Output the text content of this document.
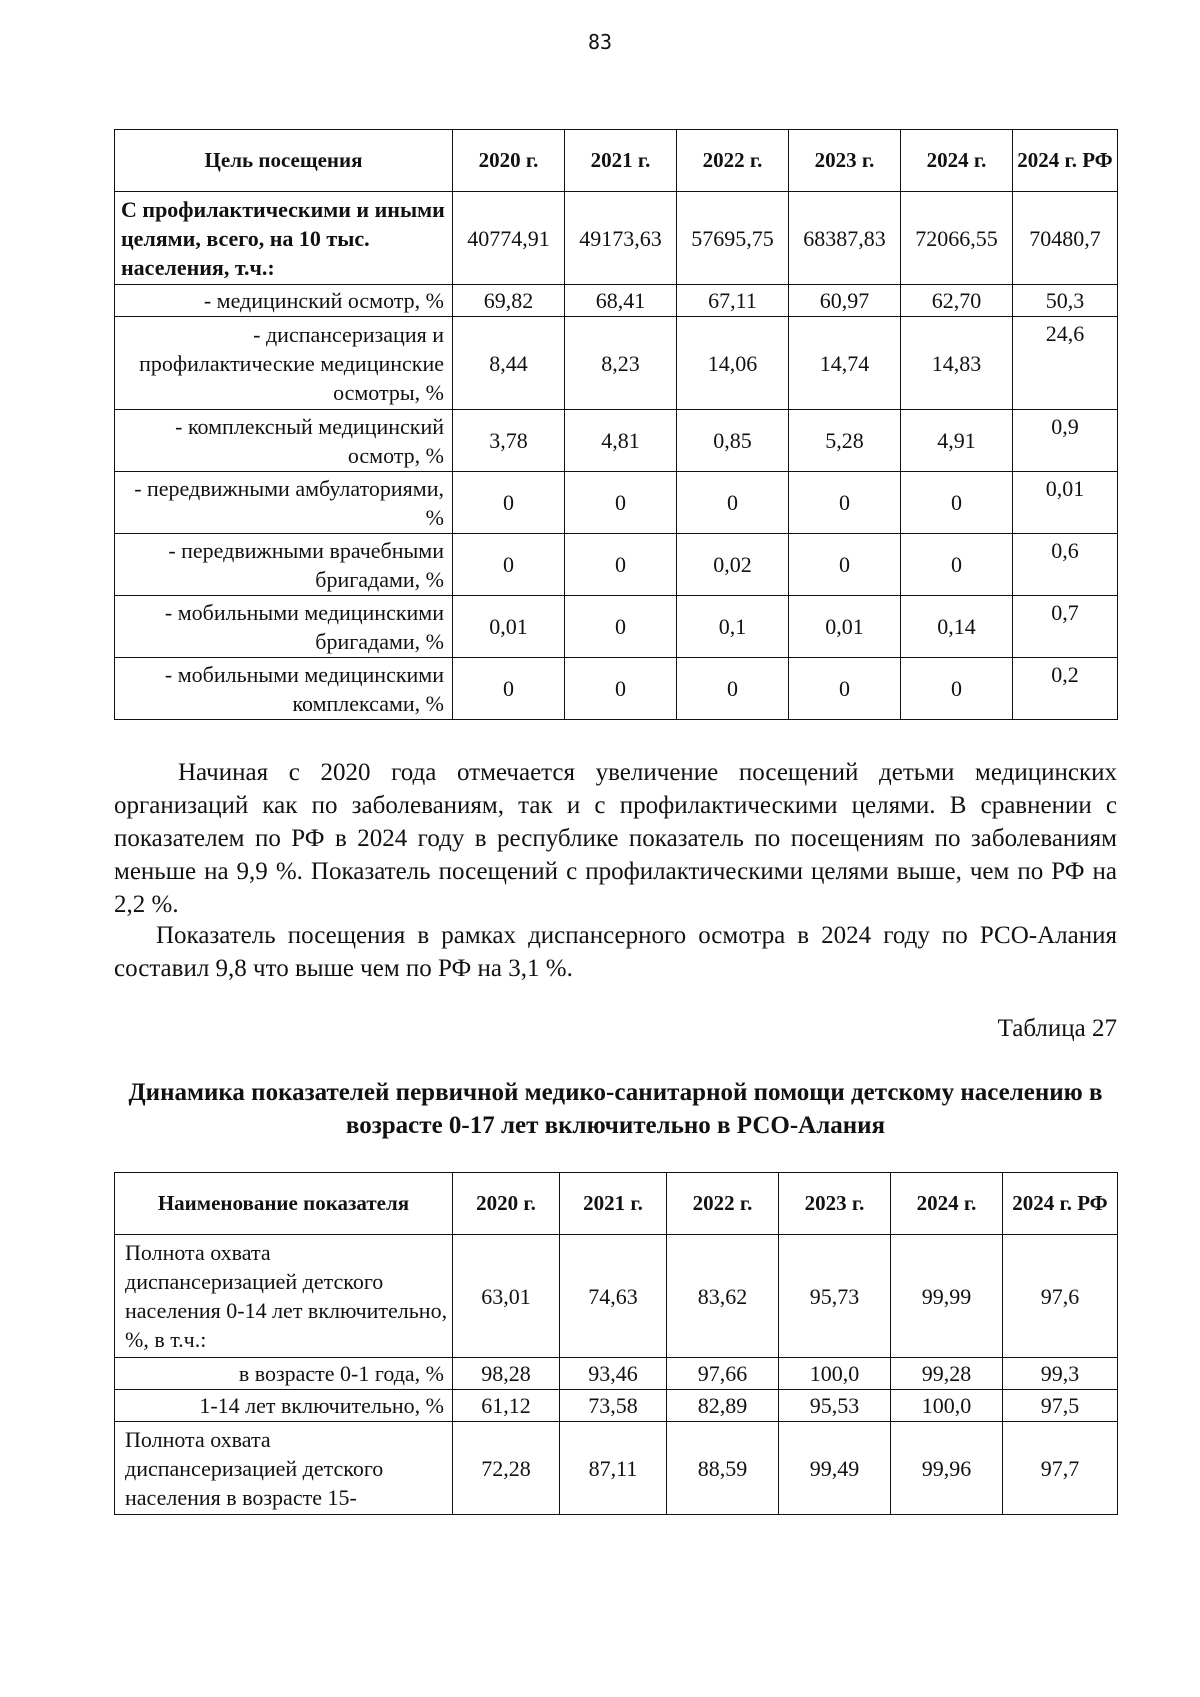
83
Цель посещения	2020 г.	2021 г.	2022 г.	2023 г.	2024 г.	2024 г. РФ
С профилактическими и иными целями, всего, на 10 тыс. населения, т.ч.:	40774,91	49173,63	57695,75	68387,83	72066,55	70480,7
- медицинский осмотр, %	69,82	68,41	67,11	60,97	62,70	50,3
- диспансеризация и профилактические медицинские осмотры, %	8,44	8,23	14,06	14,74	14,83	24,6
- комплексный медицинский осмотр, %	3,78	4,81	0,85	5,28	4,91	0,9
- передвижными амбулаториями, %	0	0	0	0	0	0,01
- передвижными врачебными бригадами, %	0	0	0,02	0	0	0,6
- мобильными медицинскими бригадами, %	0,01	0	0,1	0,01	0,14	0,7
- мобильными медицинскими комплексами, %	0	0	0	0	0	0,2

Начиная с 2020 года отмечается увеличение посещений детьми медицинских организаций как по заболеваниям, так и с профилактическими целями. В сравнении с показателем по РФ в 2024 году в республике показатель по посещениям по заболеваниям меньше на 9,9 %. Показатель посещений с профилактическими целями выше, чем по РФ на 2,2 %.

Показатель посещения в рамках диспансерного осмотра в 2024 году по РСО-Алания составил 9,8 что выше чем по РФ на 3,1 %.

Таблица 27

Динамика показателей первичной медико-санитарной помощи детскому населению в возрасте 0-17 лет включительно в РСО-Алания

Наименование показателя	2020 г.	2021 г.	2022 г.	2023 г.	2024 г.	2024 г. РФ
Полнота охвата диспансеризацией детского населения 0-14 лет включительно, %, в т.ч.:	63,01	74,63	83,62	95,73	99,99	97,6
в возрасте 0-1 года, %	98,28	93,46	97,66	100,0	99,28	99,3
1-14 лет включительно, %	61,12	73,58	82,89	95,53	100,0	97,5
Полнота охвата диспансеризацией детского населения в возрасте 15-	72,28	87,11	88,59	99,49	99,96	97,7
